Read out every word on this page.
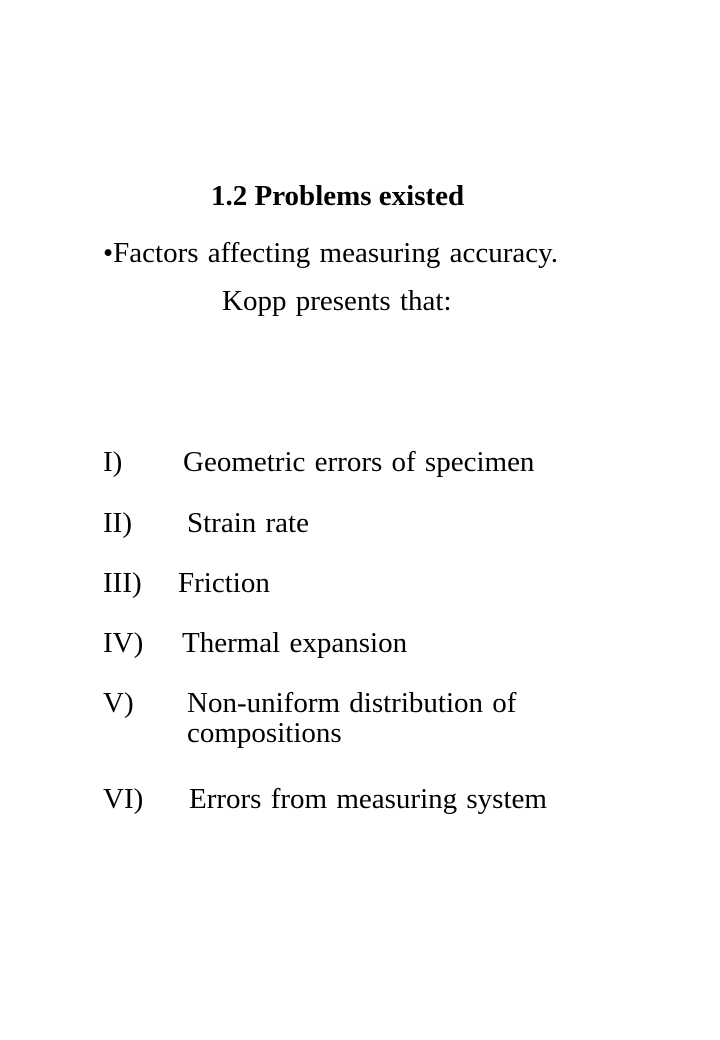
1.2 Problems existed
•Factors affecting measuring accuracy.
Kopp presents that:
I) Geometric errors of specimen
II) Strain rate
III) Friction
IV) Thermal expansion
V) Non-uniform distribution of
compositions
VI) Errors from measuring system
